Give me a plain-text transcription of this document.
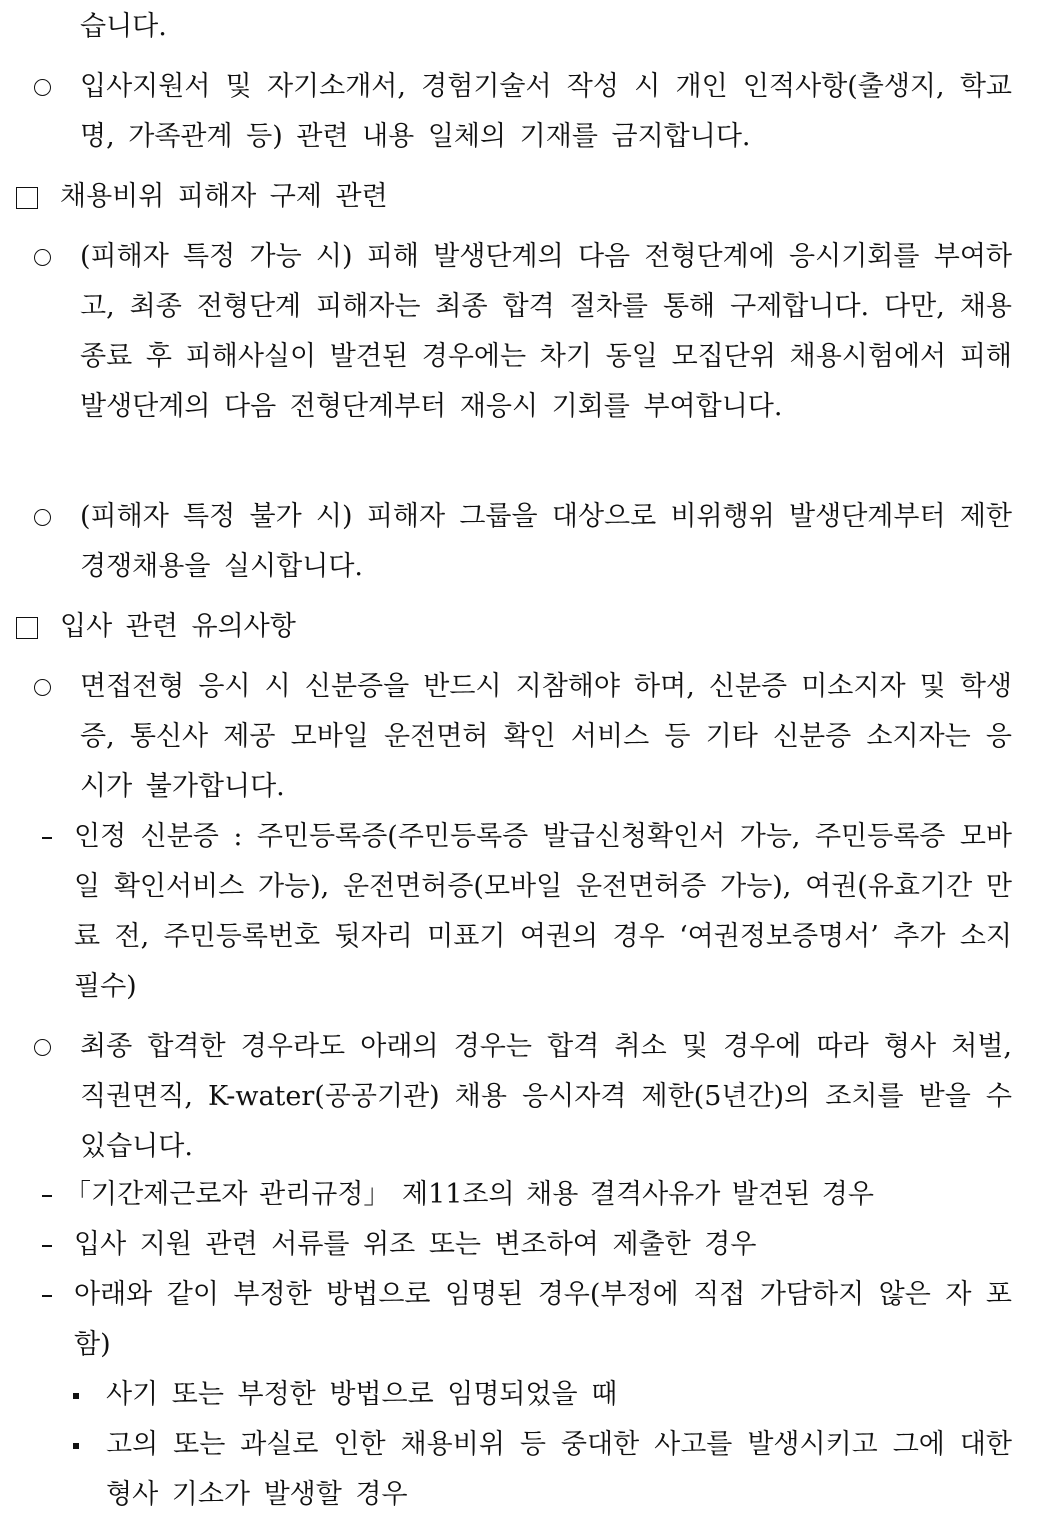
습니다.
입사지원서 및 자기소개서, 경험기술서 작성 시 개인 인적사항(출생지, 학교명, 가족관계 등) 관련 내용 일체의 기재를 금지합니다.
채용비위 피해자 구제 관련
(피해자 특정 가능 시) 피해 발생단계의 다음 전형단계에 응시기회를 부여하고, 최종 전형단계 피해자는 최종 합격 절차를 통해 구제합니다. 다만, 채용 종료 후 피해사실이 발견된 경우에는 차기 동일 모집단위 채용시험에서 피해 발생단계의 다음 전형단계부터 재응시 기회를 부여합니다.
(피해자 특정 불가 시) 피해자 그룹을 대상으로 비위행위 발생단계부터 제한경쟁채용을 실시합니다.
입사 관련 유의사항
면접전형 응시 시 신분증을 반드시 지참해야 하며, 신분증 미소지자 및 학생증, 통신사 제공 모바일 운전면허 확인 서비스 등 기타 신분증 소지자는 응시가 불가합니다.
인정 신분증 : 주민등록증(주민등록증 발급신청확인서 가능, 주민등록증 모바일 확인서비스 가능), 운전면허증(모바일 운전면허증 가능), 여권(유효기간 만료 전, 주민등록번호 뒷자리 미표기 여권의 경우 ‘여권정보증명서’ 추가 소지 필수)
최종 합격한 경우라도 아래의 경우는 합격 취소 및 경우에 따라 형사 처벌, 직권면직, K-water(공공기관) 채용 응시자격 제한(5년간)의 조치를 받을 수 있습니다.
「기간제근로자 관리규정」 제11조의 채용 결격사유가 발견된 경우
입사 지원 관련 서류를 위조 또는 변조하여 제출한 경우
아래와 같이 부정한 방법으로 임명된 경우(부정에 직접 가담하지 않은 자 포함)
사기 또는 부정한 방법으로 임명되었을 때
고의 또는 과실로 인한 채용비위 등 중대한 사고를 발생시키고 그에 대한 형사 기소가 발생할 경우
